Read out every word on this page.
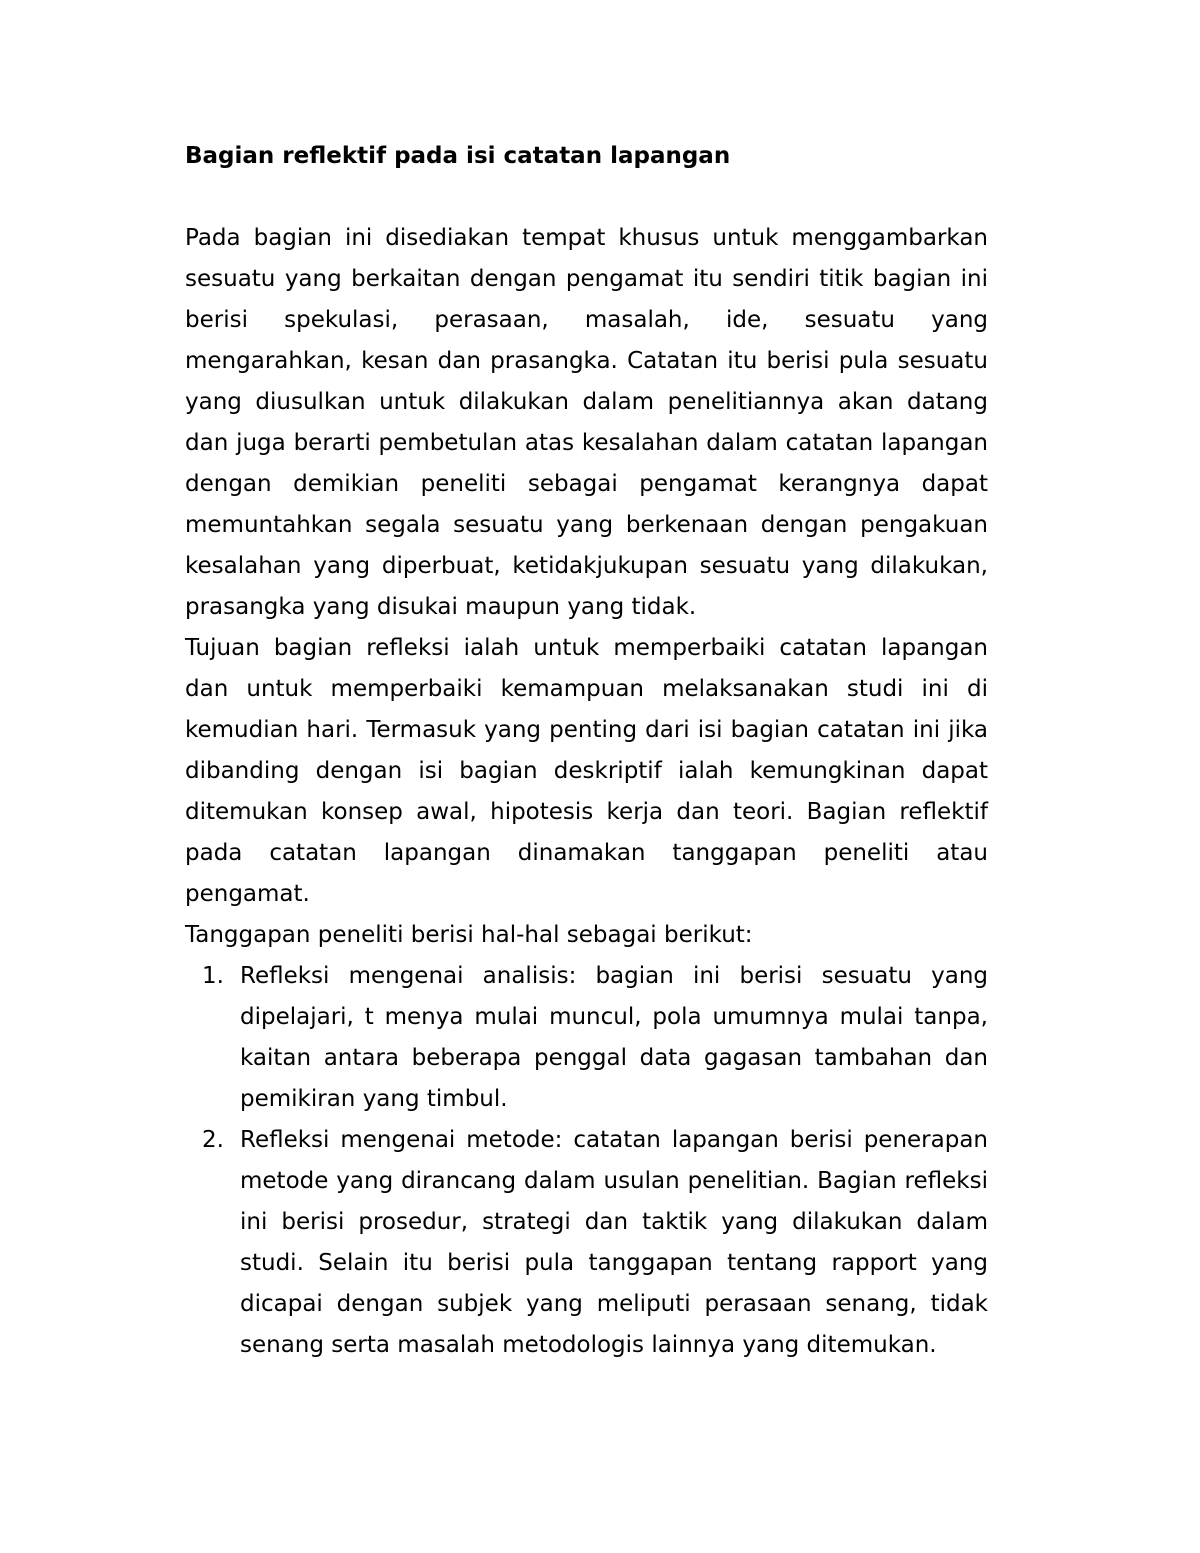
Bagian reflektif pada isi catatan lapangan

Pada bagian ini disediakan tempat khusus untuk menggambarkan sesuatu yang berkaitan dengan pengamat itu sendiri titik bagian ini berisi spekulasi, perasaan, masalah, ide, sesuatu yang mengarahkan, kesan dan prasangka. Catatan itu berisi pula sesuatu yang diusulkan untuk dilakukan dalam penelitiannya akan datang dan juga berarti pembetulan atas kesalahan dalam catatan lapangan dengan demikian peneliti sebagai pengamat kerangnya dapat memuntahkan segala sesuatu yang berkenaan dengan pengakuan kesalahan yang diperbuat, ketidakjukupan sesuatu yang dilakukan, prasangka yang disukai maupun yang tidak.

Tujuan bagian refleksi ialah untuk memperbaiki catatan lapangan dan untuk memperbaiki kemampuan melaksanakan studi ini di kemudian hari. Termasuk yang penting dari isi bagian catatan ini jika dibanding dengan isi bagian deskriptif ialah kemungkinan dapat ditemukan konsep awal, hipotesis kerja dan teori. Bagian reflektif pada catatan lapangan dinamakan tanggapan peneliti atau pengamat.

Tanggapan peneliti berisi hal-hal sebagai berikut:

1. Refleksi mengenai analisis: bagian ini berisi sesuatu yang dipelajari, t menya mulai muncul, pola umumnya mulai tanpa, kaitan antara beberapa penggal data gagasan tambahan dan pemikiran yang timbul.
2. Refleksi mengenai metode: catatan lapangan berisi penerapan metode yang dirancang dalam usulan penelitian. Bagian refleksi ini berisi prosedur, strategi dan taktik yang dilakukan dalam studi. Selain itu berisi pula tanggapan tentang rapport yang dicapai dengan subjek yang meliputi perasaan senang, tidak senang serta masalah metodologis lainnya yang ditemukan.
